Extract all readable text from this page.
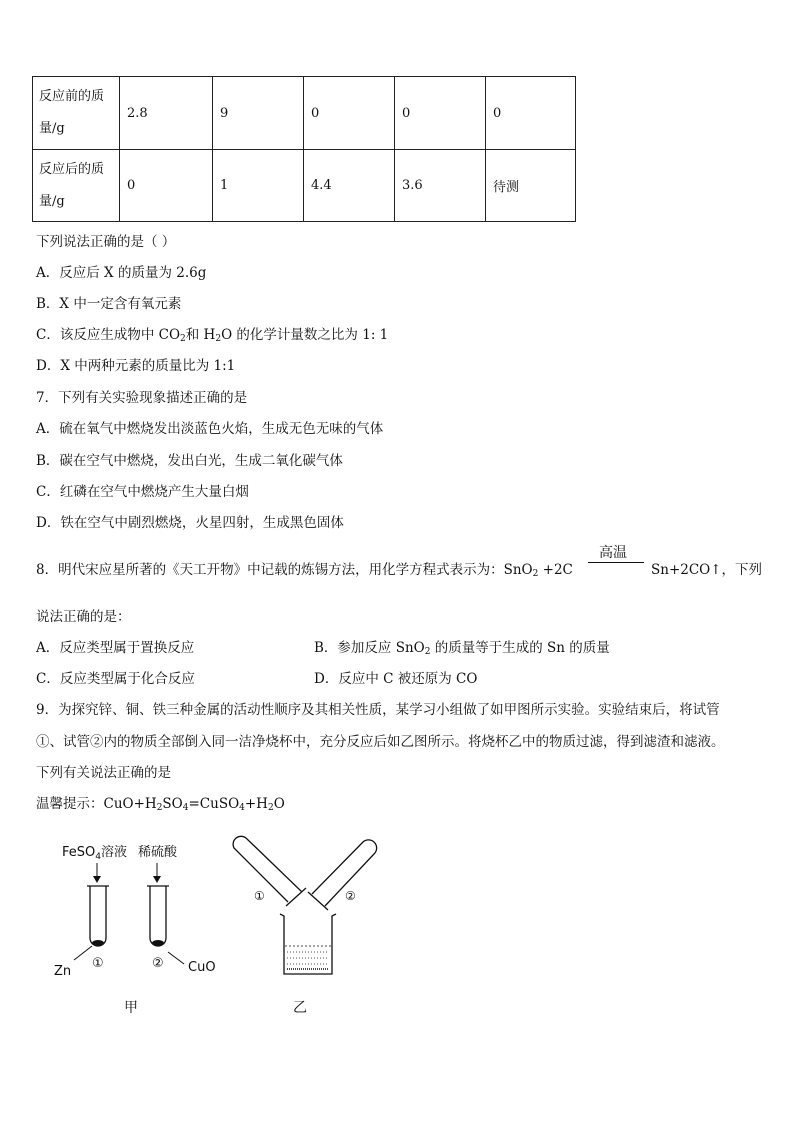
反应前的质量/g	2.8	9	0	0	0
反应后的质量/g	0	1	4.4	3.6	待测
下列说法正确的是（ ）
A．反应后 X 的质量为 2.6g
B．X 中一定含有氧元素
C．该反应生成物中 $CO_2$和 $H_2O$ 的化学计量数之比为 1: 1
D．X 中两种元素的质量比为 1:1
7．下列有关实验现象描述正确的是
A．硫在氧气中燃烧发出淡蓝色火焰，生成无色无味的气体
B．碳在空气中燃烧，发出白光，生成二氧化碳气体
C．红磷在空气中燃烧产生大量白烟
D．铁在空气中剧烈燃烧，火星四射，生成黑色固体
8．明代宋应星所著的《天工开物》中记载的炼锡方法，用化学方程式表示为：SnO$_2$ +2C
高温
Sn+2CO↑，下列
说法正确的是：
A．反应类型属于置换反应	B．参加反应 SnO$_2$ 的质量等于生成的 Sn 的质量
C．反应类型属于化合反应	D．反应中 C 被还原为 CO
9．为探究锌、铜、铁三种金属的活动性顺序及其相关性质，某学习小组做了如甲图所示实验。实验结束后，将试管
①、试管②内的物质全部倒入同一洁净烧杯中，充分反应后如乙图所示。将烧杯乙中的物质过滤，得到滤渣和滤液。
下列有关说法正确的是
温馨提示：$CuO+H_2SO_4=CuSO_4+H_2O$
FeSO$_4$溶液 稀硫酸
①	②
Zn	CuO
甲
①	②
乙
